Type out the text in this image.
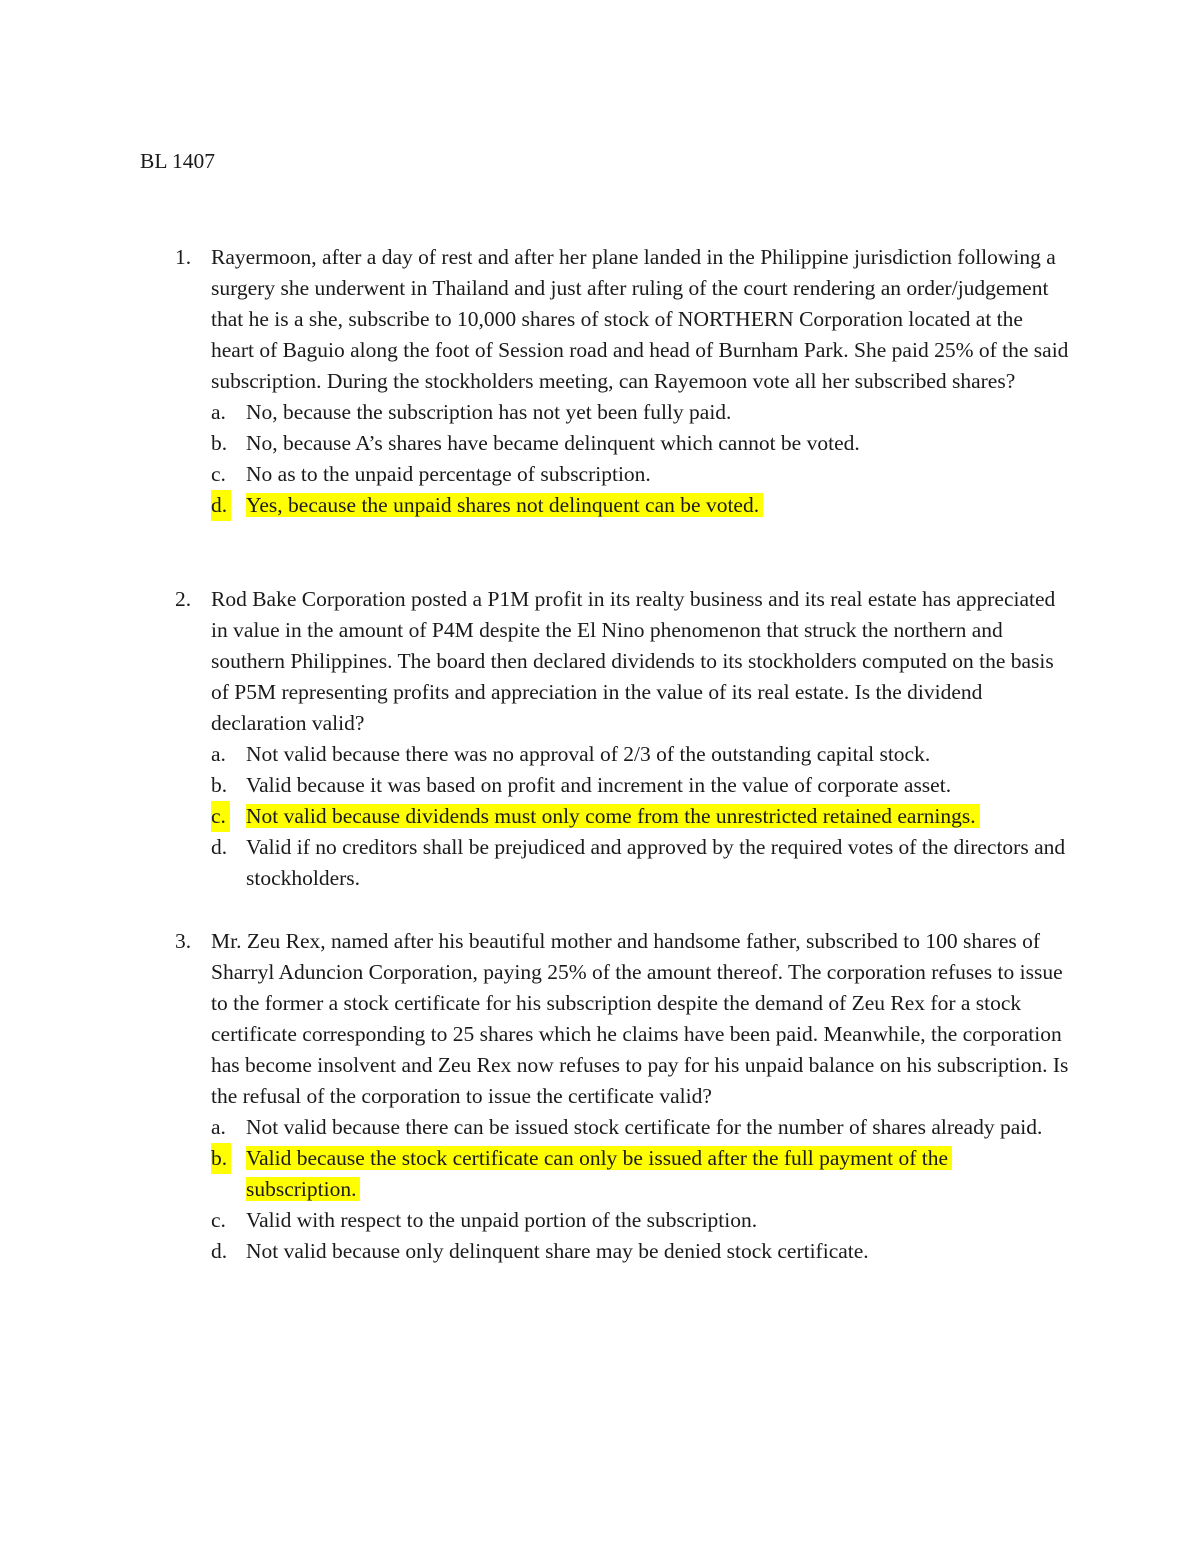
BL 1407
1. Rayermoon, after a day of rest and after her plane landed in the Philippine jurisdiction following a surgery she underwent in Thailand and just after ruling of the court rendering an order/judgement that he is a she, subscribe to 10,000 shares of stock of NORTHERN Corporation located at the heart of Baguio along the foot of Session road and head of Burnham Park. She paid 25% of the said subscription. During the stockholders meeting, can Rayemoon vote all her subscribed shares?

a. No, because the subscription has not yet been fully paid.
b. No, because A’s shares have became delinquent which cannot be voted.
c. No as to the unpaid percentage of subscription.
d. Yes, because the unpaid shares not delinquent can be voted.
2. Rod Bake Corporation posted a P1M profit in its realty business and its real estate has appreciated in value in the amount of P4M despite the El Nino phenomenon that struck the northern and southern Philippines. The board then declared dividends to its stockholders computed on the basis of P5M representing profits and appreciation in the value of its real estate. Is the dividend declaration valid?

a. Not valid because there was no approval of 2/3 of the outstanding capital stock.
b. Valid because it was based on profit and increment in the value of corporate asset.
c. Not valid because dividends must only come from the unrestricted retained earnings.
d. Valid if no creditors shall be prejudiced and approved by the required votes of the directors and stockholders.
3. Mr. Zeu Rex, named after his beautiful mother and handsome father, subscribed to 100 shares of Sharryl Aduncion Corporation, paying 25% of the amount thereof. The corporation refuses to issue to the former a stock certificate for his subscription despite the demand of Zeu Rex for a stock certificate corresponding to 25 shares which he claims have been paid. Meanwhile, the corporation has become insolvent and Zeu Rex now refuses to pay for his unpaid balance on his subscription. Is the refusal of the corporation to issue the certificate valid?

a. Not valid because there can be issued stock certificate for the number of shares already paid.
b. Valid because the stock certificate can only be issued after the full payment of the subscription.
c. Valid with respect to the unpaid portion of the subscription.
d. Not valid because only delinquent share may be denied stock certificate.
